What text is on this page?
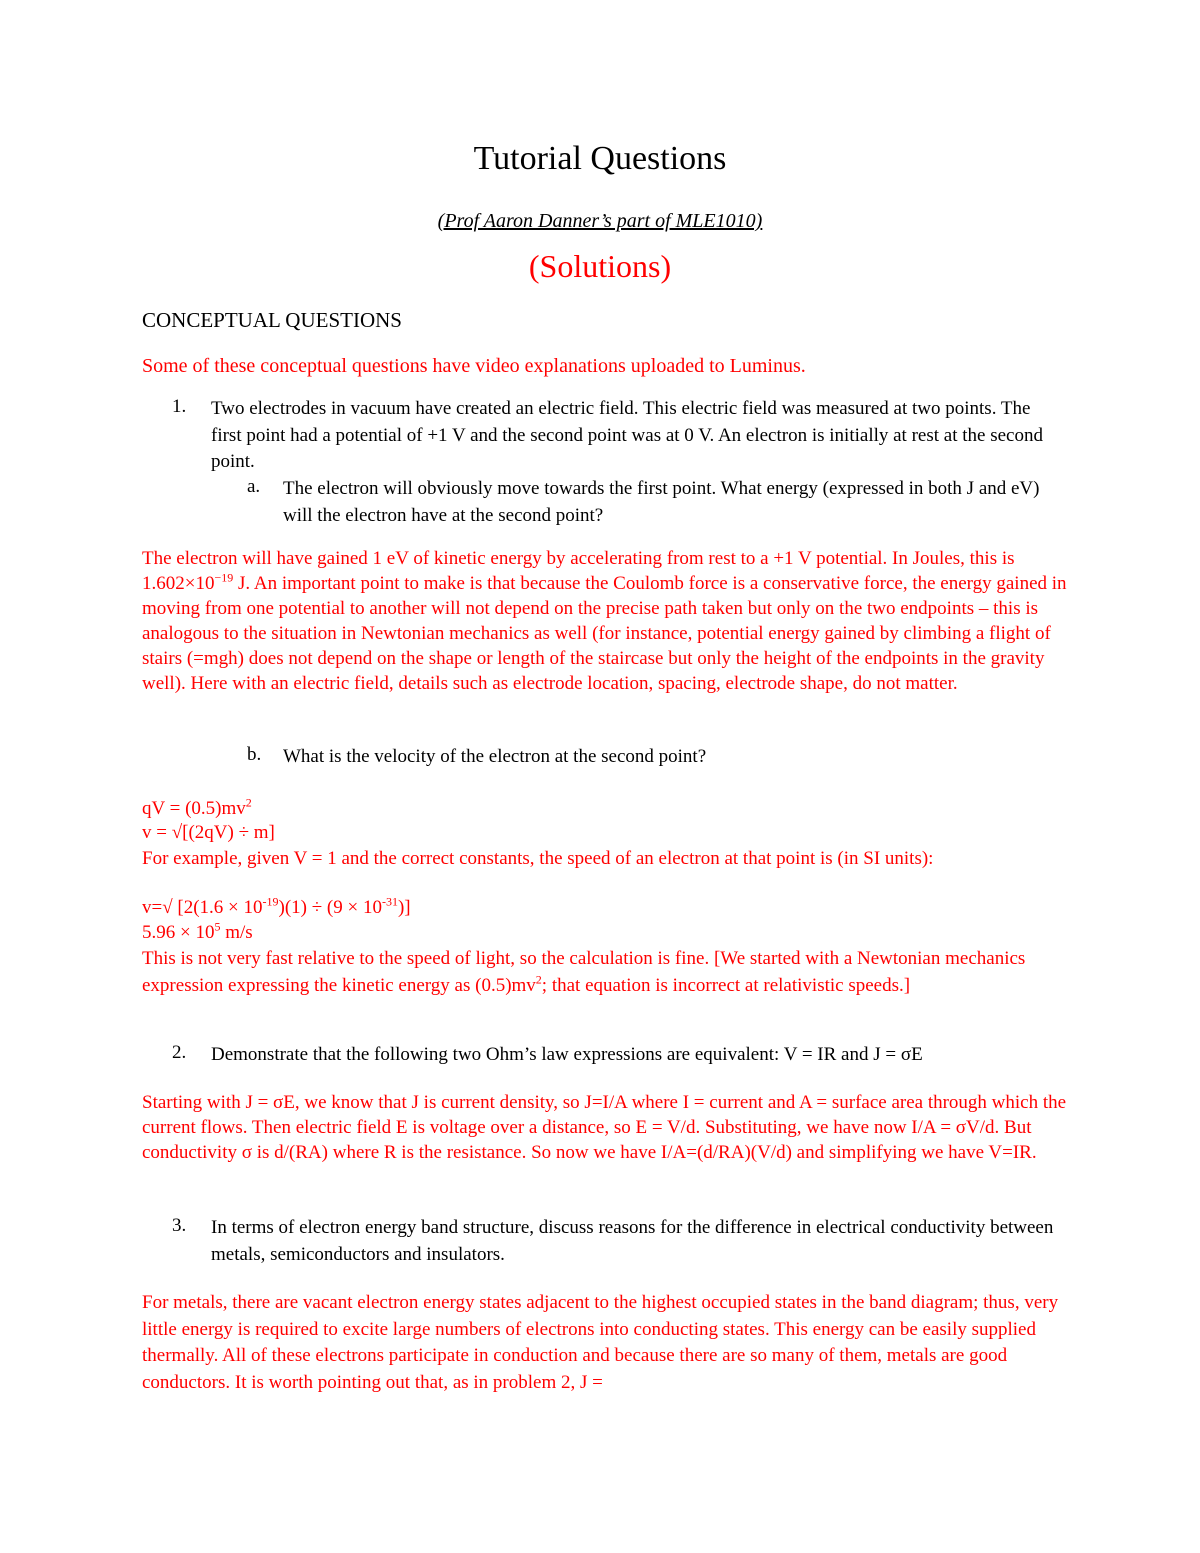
Tutorial Questions
(Prof Aaron Danner’s part of MLE1010)
(Solutions)
CONCEPTUAL QUESTIONS
Some of these conceptual questions have video explanations uploaded to Luminus.
1. Two electrodes in vacuum have created an electric field. This electric field was measured at two points. The first point had a potential of +1 V and the second point was at 0 V. An electron is initially at rest at the second point.
a. The electron will obviously move towards the first point. What energy (expressed in both J and eV) will the electron have at the second point?
The electron will have gained 1 eV of kinetic energy by accelerating from rest to a +1 V potential. In Joules, this is $1.602\times 10^{-19}$ J. An important point to make is that because the Coulomb force is a conservative force, the energy gained in moving from one potential to another will not depend on the precise path taken but only on the two endpoints – this is analogous to the situation in Newtonian mechanics as well (for instance, potential energy gained by climbing a flight of stairs (=mgh) does not depend on the shape or length of the staircase but only the height of the endpoints in the gravity well). Here with an electric field, details such as electrode location, spacing, electrode shape, do not matter.
b. What is the velocity of the electron at the second point?
qV = $(0.5)mv^2$
v = √[(2qV) ÷ m]
For example, given V = 1 and the correct constants, the speed of an electron at that point is (in SI units):
v=√ $[2(1.6 \times 10^{-19})(1) \div (9 \times 10^{-31})]$
$5.96 \times 10^5$ m/s
This is not very fast relative to the speed of light, so the calculation is fine. [We started with a Newtonian mechanics expression expressing the kinetic energy as $(0.5)mv^2$; that equation is incorrect at relativistic speeds.]
2. Demonstrate that the following two Ohm’s law expressions are equivalent: V = IR and J = σE
Starting with J = σE, we know that J is current density, so J=I/A where I = current and A = surface area through which the current flows. Then electric field E is voltage over a distance, so E = V/d. Substituting, we have now I/A = σV/d. But conductivity σ is d/(RA) where R is the resistance. So now we have I/A=(d/RA)(V/d) and simplifying we have V=IR.
3. In terms of electron energy band structure, discuss reasons for the difference in electrical conductivity between metals, semiconductors and insulators.
For metals, there are vacant electron energy states adjacent to the highest occupied states in the band diagram; thus, very little energy is required to excite large numbers of electrons into conducting states. This energy can be easily supplied thermally. All of these electrons participate in conduction and because there are so many of them, metals are good conductors. It is worth pointing out that, as in problem 2, J =
